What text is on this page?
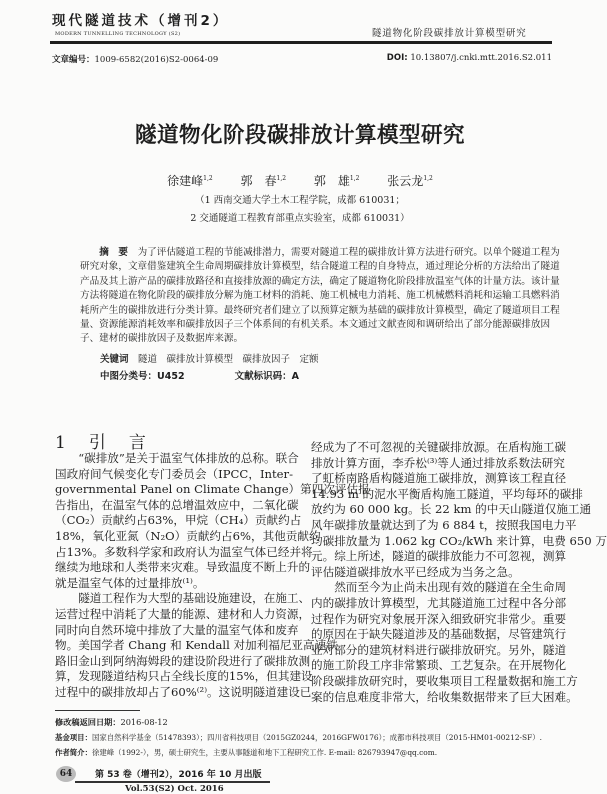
现代隧道技术（增刊2）
MODERN TUNNELLING TECHNOLOGY (S2)	隧道物化阶段碳排放计算模型研究
文章编号：1009-6582(2016)S2-0064-09	DOI: 10.13807/j.cnki.mtt.2016.S2.011
隧道物化阶段碳排放计算模型研究
徐建峰$^{1,2}$ 郭　春$^{1,2}$ 郭　雄$^{1,2}$ 张云龙$^{1,2}$
（1 西南交通大学土木工程学院，成都 610031；
2 交通隧道工程教育部重点实验室，成都 610031）
摘　要　 为了评估隧道工程的节能减排潜力，需要对隧道工程的碳排放计算方法进行研究。以单个隧道工程为
研究对象，文章借鉴建筑全生命周期碳排放计算模型，结合隧道工程的自身特点，通过理论分析的方法给出了隧道
产品及其上游产品的碳排放路径和直接排放源的确定方法，确定了隧道物化阶段排放温室气体的计量方法。该计量
方法将隧道在物化阶段的碳排放分解为施工材料的消耗、施工机械电力消耗、施工机械燃料消耗和运输工具燃料消
耗所产生的碳排放进行分类计算。最终研究者们建立了以预算定额为基础的碳排放计算模型，确定了隧道项目工程
量、资源能源消耗效率和碳排放因子三个体系间的有机关系。本文通过文献查阅和调研给出了部分能源碳排放因
子、建材的碳排放因子及数据库来源。
关键词　 隧道　碳排放计算模型　碳排放因子　定额
中图分类号：U452	文献标识码：A
1　 引　言
“碳排放”是关于温室气体排放的总称。联合
国政府间气候变化专门委员会（IPCC，Inter-
governmental Panel on Climate Change）第四次评估报
告指出，在温室气体的总增温效应中，二氧化碳
（CO₂）贡献约占63%，甲烷（CH₄）贡献约占
18%，氧化亚氮（N₂O）贡献约占6%，其他贡献约
占13%。多数科学家和政府认为温室气体已经并将
继续为地球和人类带来灾难。导致温度不断上升的
就是温室气体的过量排放⁽¹⁾。
隧道工程作为大型的基础设施建设，在施工、
运营过程中消耗了大量的能源、建材和人力资源，
同时向自然环境中排放了大量的温室气体和废弃
物。美国学者 Chang 和 Kendall 对加利福尼亚高速铁
路旧金山到阿纳海姆段的建设阶段进行了碳排放测
算，发现隧道结构只占全线长度的15%，但其建设
过程中的碳排放却占了60%⁽²⁾。这说明隧道建设已
经成为了不可忽视的关键碳排放源。在盾构施工碳
排放计算方面，李乔松⁽³⁾等人通过排放系数法研究
了虹桥南路盾构隧道施工碳排放，测算该工程直径
14.93 m 的泥水平衡盾构施工隧道，平均每环的碳排
放约为 60 000 kg。长 22 km 的中天山隧道仅施工通
风年碳排放量就达到了为 6 884 t，按照我国电力平
均碳排放量为 1.062 kg CO₂/kWh 来计算，电费 650 万
元。综上所述，隧道的碳排放能力不可忽视，测算
评估隧道碳排放水平已经成为当务之急。
然而至今为止尚未出现有效的隧道在全生命周
内的碳排放计算模型，尤其隧道施工过程中各分部
过程作为研究对象展开深入细致研究非常少。重要
的原因在于缺失隧道涉及的基础数据，尽管建筑行
业对部分的建筑材料进行碳排放研究。另外，隧道
的施工阶段工序非常繁琐、工艺复杂。在开展物化
阶段碳排放研究时，要收集项目工程量数据和施工方
案的信息难度非常大，给收集数据带来了巨大困难。
修改稿返回日期：2016-08-12
基金项目：国家自然科学基金（51478393）；四川省科技项目（2015GZ0244，2016GFW0176）；成都市科技项目（2015-HM01-00212-SF）.
作者简介：徐建峰（1992-），男，硕士研究生，主要从事隧道和地下工程研究工作. E-mail: 826793947@qq.com.
64	第 53 卷（增刊2），2016 年 10 月出版
Vol.53(S2) Oct. 2016
